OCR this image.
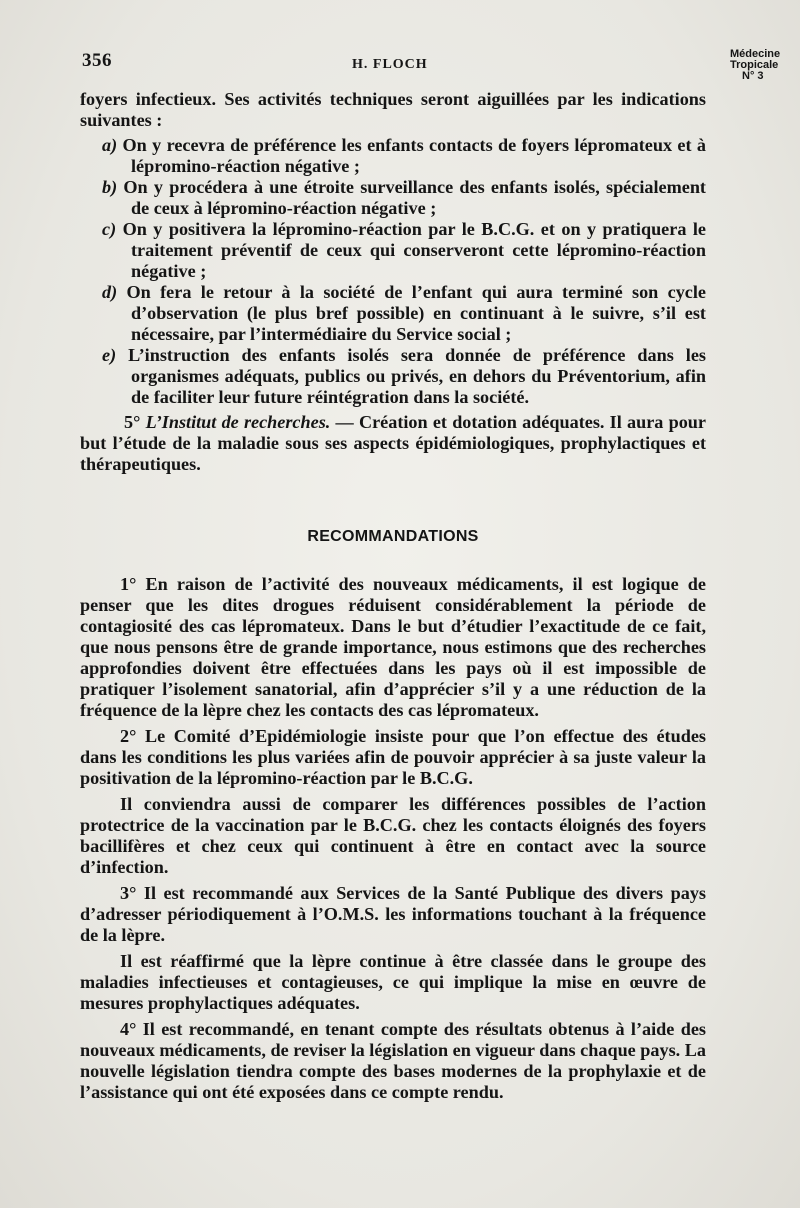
356	H. FLOCH
Médecine
Tropicale
N° 3

foyers infectieux. Ses activités techniques seront aiguillées par les indications suivantes :

a) On y recevra de préférence les enfants contacts de foyers lépromateux et à lépromino-réaction négative ;

b) On y procédera à une étroite surveillance des enfants isolés, spécialement de ceux à lépromino-réaction négative ;

c) On y positivera la lépromino-réaction par le B.C.G. et on y pratiquera le traitement préventif de ceux qui conserveront cette lépromino-réaction négative ;

d) On fera le retour à la société de l’enfant qui aura terminé son cycle d’observation (le plus bref possible) en continuant à le suivre, s’il est nécessaire, par l’intermédiaire du Service social ;

e) L’instruction des enfants isolés sera donnée de préférence dans les organismes adéquats, publics ou privés, en dehors du Préventorium, afin de faciliter leur future réintégration dans la société.

5° L’Institut de recherches. — Création et dotation adéquates. Il aura pour but l’étude de la maladie sous ses aspects épidémiologiques, prophylactiques et thérapeutiques.

RECOMMANDATIONS

1° En raison de l’activité des nouveaux médicaments, il est logique de penser que les dites drogues réduisent considérablement la période de contagiosité des cas lépromateux. Dans le but d’étudier l’exactitude de ce fait, que nous pensons être de grande importance, nous estimons que des recherches approfondies doivent être effectuées dans les pays où il est impossible de pratiquer l’isolement sanatorial, afin d’apprécier s’il y a une réduction de la fréquence de la lèpre chez les contacts des cas lépromateux.

2° Le Comité d’Epidémiologie insiste pour que l’on effectue des études dans les conditions les plus variées afin de pouvoir apprécier à sa juste valeur la positivation de la lépromino-réaction par le B.C.G.

Il conviendra aussi de comparer les différences possibles de l’action protectrice de la vaccination par le B.C.G. chez les contacts éloignés des foyers bacillifères et chez ceux qui continuent à être en contact avec la source d’infection.

3° Il est recommandé aux Services de la Santé Publique des divers pays d’adresser périodiquement à l’O.M.S. les informations touchant à la fréquence de la lèpre.

Il est réaffirmé que la lèpre continue à être classée dans le groupe des maladies infectieuses et contagieuses, ce qui implique la mise en œuvre de mesures prophylactiques adéquates.

4° Il est recommandé, en tenant compte des résultats obtenus à l’aide des nouveaux médicaments, de reviser la législation en vigueur dans chaque pays. La nouvelle législation tiendra compte des bases modernes de la prophylaxie et de l’assistance qui ont été exposées dans ce compte rendu.
